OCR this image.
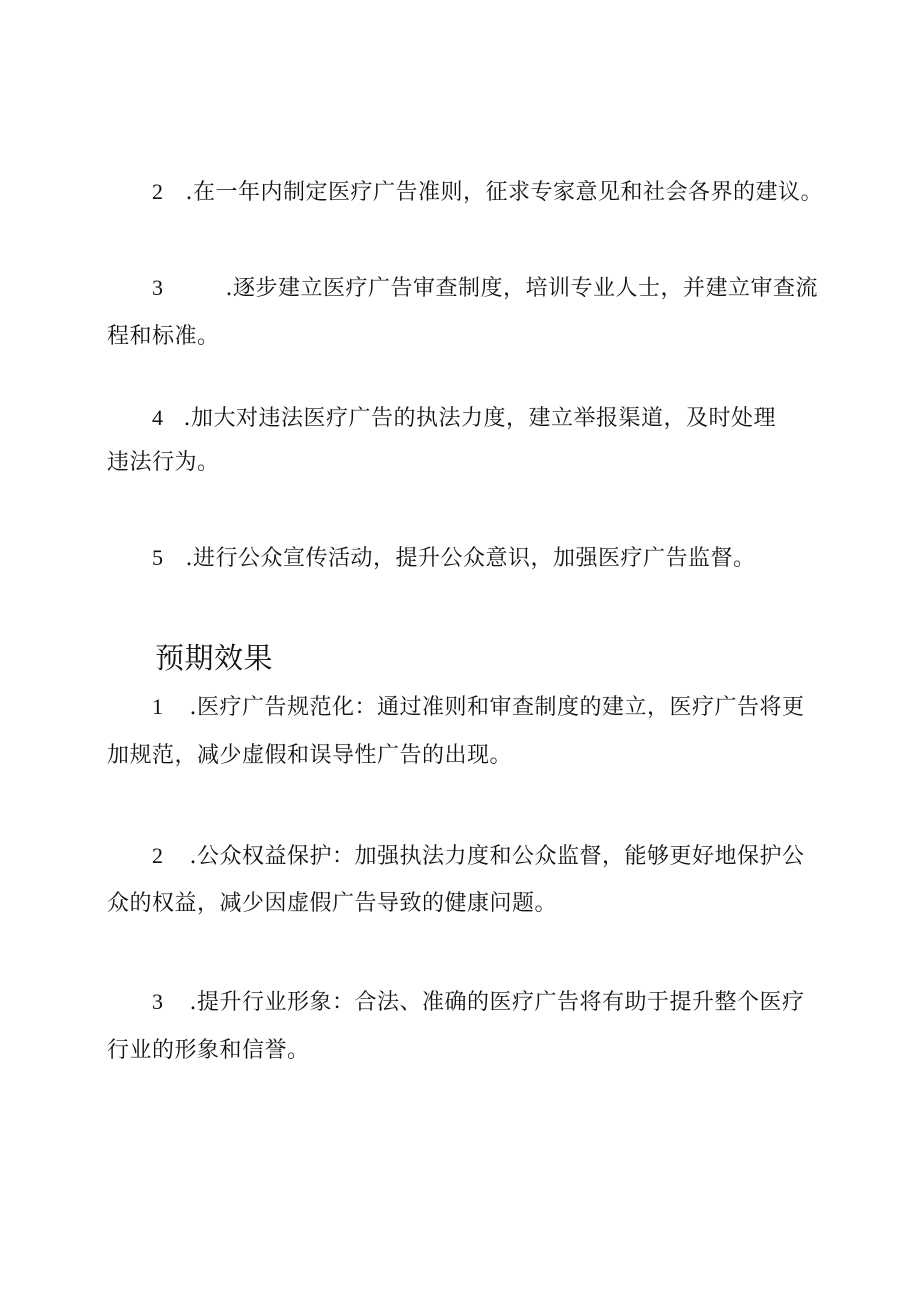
2 .在一年内制定医疗广告准则，征求专家意见和社会各界的建议。
3	.逐步建立医疗广告审查制度，培训专业人士，并建立审查流
程和标准。
4 .加大对违法医疗广告的执法力度，建立举报渠道，及时处理
违法行为。
5 .进行公众宣传活动，提升公众意识，加强医疗广告监督。
预期效果
1 .医疗广告规范化：通过准则和审查制度的建立，医疗广告将更
加规范，减少虚假和误导性广告的出现。
2 .公众权益保护：加强执法力度和公众监督，能够更好地保护公
众的权益，减少因虚假广告导致的健康问题。
3 .提升行业形象：合法、准确的医疗广告将有助于提升整个医疗
行业的形象和信誉。
